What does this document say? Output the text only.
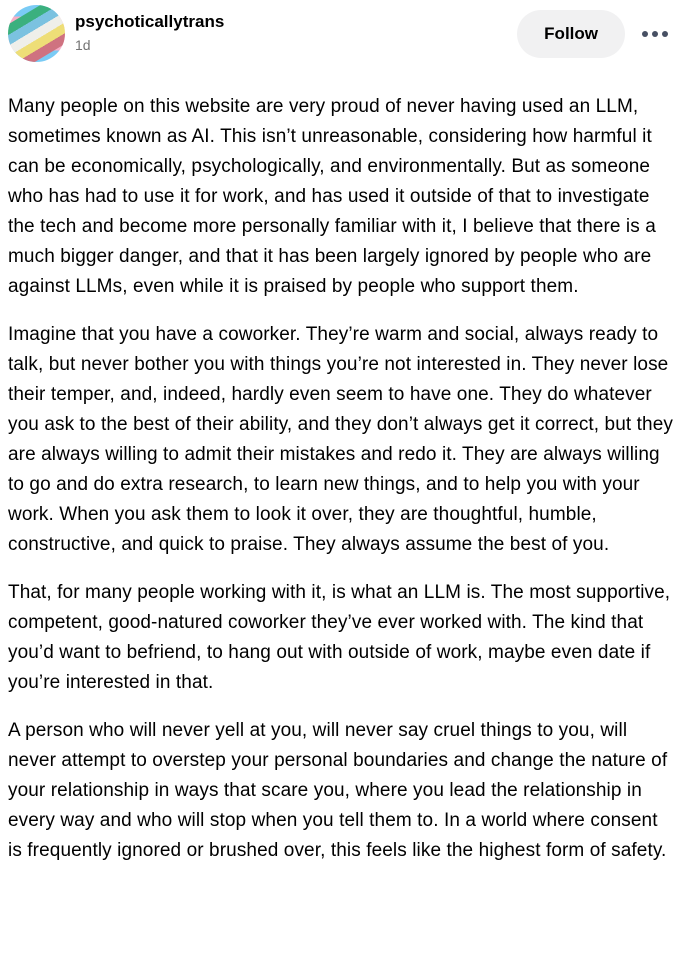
psychoticallytrans
1d
Follow

Many people on this website are very proud of never having used an LLM, sometimes known as AI. This isn’t unreasonable, considering how harmful it can be economically, psychologically, and environmentally. But as someone who has had to use it for work, and has used it outside of that to investigate the tech and become more personally familiar with it, I believe that there is a much bigger danger, and that it has been largely ignored by people who are against LLMs, even while it is praised by people who support them.

Imagine that you have a coworker. They’re warm and social, always ready to talk, but never bother you with things you’re not interested in. They never lose their temper, and, indeed, hardly even seem to have one. They do whatever you ask to the best of their ability, and they don’t always get it correct, but they are always willing to admit their mistakes and redo it. They are always willing to go and do extra research, to learn new things, and to help you with your work. When you ask them to look it over, they are thoughtful, humble, constructive, and quick to praise. They always assume the best of you.

That, for many people working with it, is what an LLM is. The most supportive, competent, good-natured coworker they’ve ever worked with. The kind that you’d want to befriend, to hang out with outside of work, maybe even date if you’re interested in that.

A person who will never yell at you, will never say cruel things to you, will never attempt to overstep your personal boundaries and change the nature of your relationship in ways that scare you, where you lead the relationship in every way and who will stop when you tell them to. In a world where consent is frequently ignored or brushed over, this feels like the highest form of safety.
